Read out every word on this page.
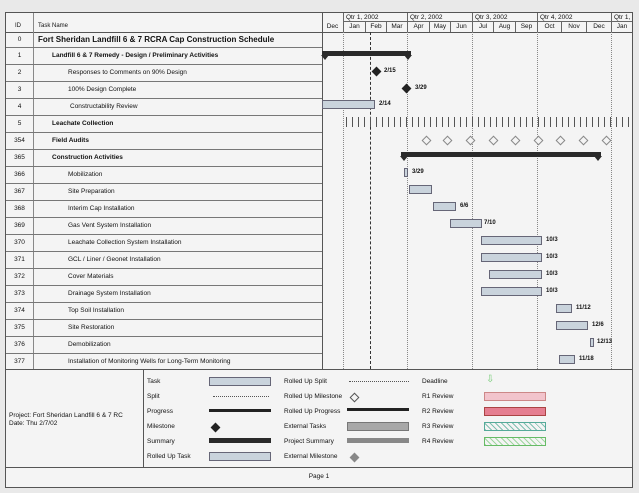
ID	Task Name
Qtr 1, 2002	Qtr 2, 2002	Qtr 3, 2002	Qtr 4, 2002	Qtr 1,
Dec	Jan	Feb	Mar	Apr	May	Jun	Jul	Aug	Sep	Oct	Nov	Dec	Jan
0	Fort Sheridan Landfill 6 & 7 RCRA Cap Construction Schedule
1	Landfill 6 & 7 Remedy - Design / Preliminary Activities
2	Responses to Comments on 90% Design
3	100% Design Complete
4	Constructability Review
5	Leachate Collection
354	Field Audits
365	Construction Activities
366	Mobilization
367	Site Preparation
368	Interim Cap Installation
369	Gas Vent System Installation
370	Leachate Collection System Installation
371	GCL / Liner / Geonet Installation
372	Cover Materials
373	Drainage System Installation
374	Top Soil Installation
375	Site Restoration
376	Demobilization
377	Installation of Monitoring Wells for Long-Term Monitoring
2/15
3/29
2/14
3/29
6/6
7/10
10/3
10/3
10/3
10/3
11/12
12/6
12/13
11/18
Project: Fort Sheridan Landfill 6 & 7 RC
Date: Thu 2/7/02
Task
Split
Progress
Milestone
Summary
Rolled Up Task
Rolled Up Split
Rolled Up Milestone
Rolled Up Progress
External Tasks
Project Summary
External Milestone
Deadline
R1 Review
R2 Review
R3 Review
R4 Review
⇩
Page 1
